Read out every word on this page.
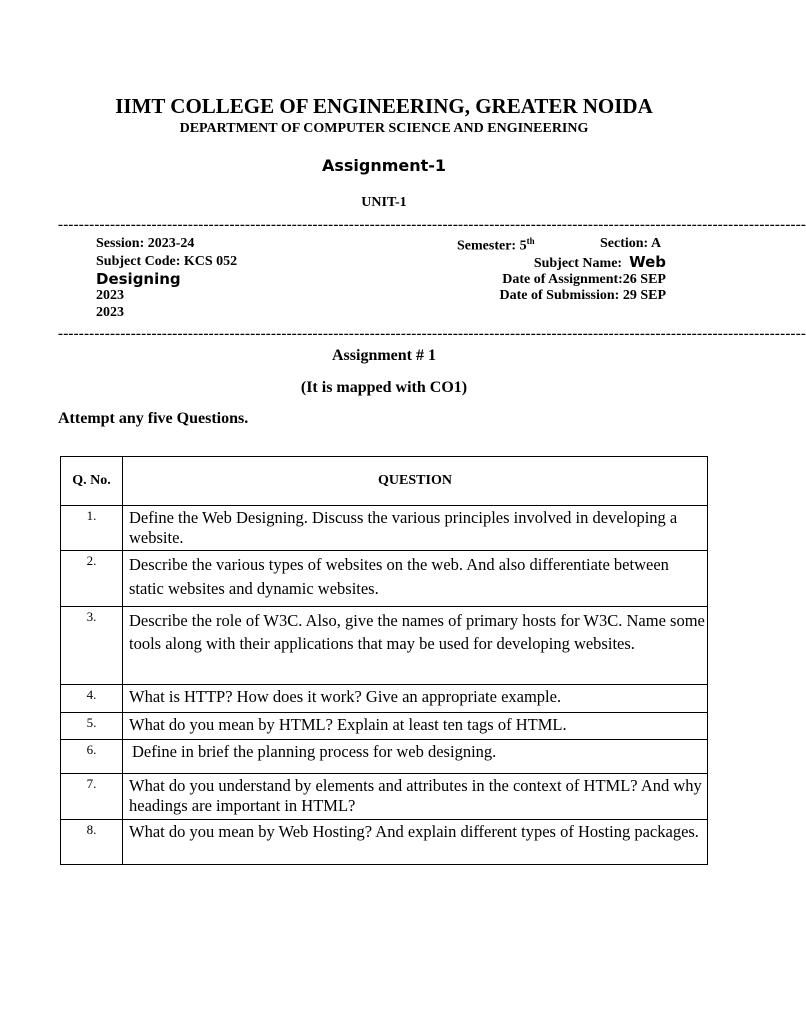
IIMT COLLEGE OF ENGINEERING, GREATER NOIDA
DEPARTMENT OF COMPUTER SCIENCE AND ENGINEERING
Assignment-1
UNIT-1
------------------------------------------------------------------------------------------------------------------------------------------------
Session: 2023-24
Subject Code: KCS 052
Designing
2023
2023
Semester: 5th	Section: A
Subject Name: Web
Date of Assignment:26 SEP
Date of Submission: 29 SEP
------------------------------------------------------------------------------------------------------------------------------------------------
Assignment # 1
(It is mapped with CO1)
Attempt any five Questions.
Q. No.	QUESTION
1.	Define the Web Designing. Discuss the various principles involved in developing a website.
2.	Describe the various types of websites on the web. And also differentiate between static websites and dynamic websites.
3.	Describe the role of W3C. Also, give the names of primary hosts for W3C. Name some tools along with their applications that may be used for developing websites.
4.	What is HTTP? How does it work? Give an appropriate example.
5.	What do you mean by HTML? Explain at least ten tags of HTML.
6.	Define in brief the planning process for web designing.
7.	What do you understand by elements and attributes in the context of HTML? And why headings are important in HTML?
8.	What do you mean by Web Hosting? And explain different types of Hosting packages.
